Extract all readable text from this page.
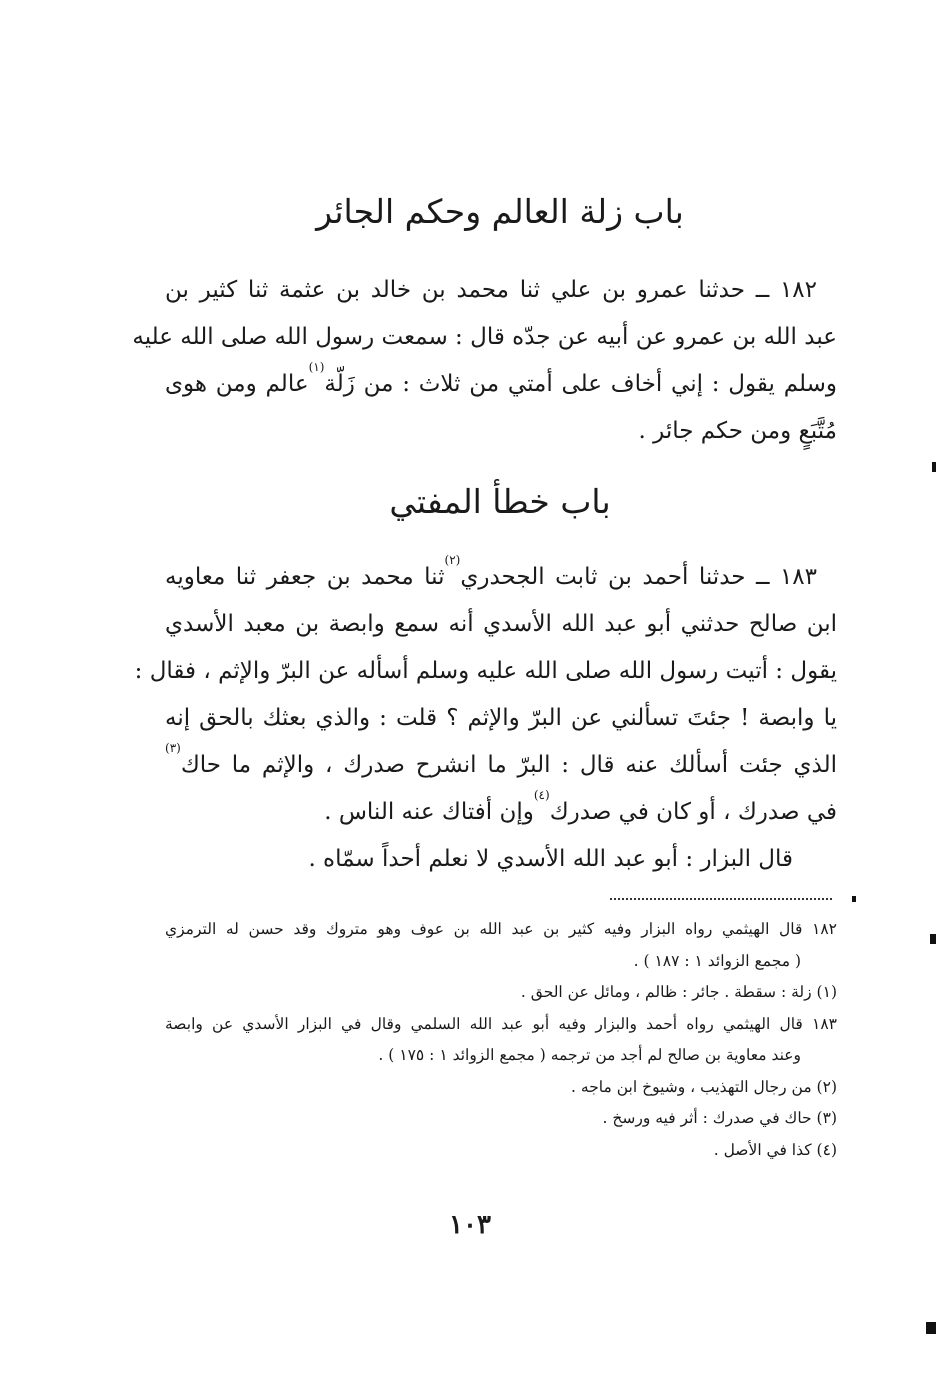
باب زلة العالم وحكم الجائر
١٨٢ ــ حدثنا عمرو بن علي ثنا محمد بن خالد بن عثمة ثنا كثير بن
عبد الله بن عمرو عن أبيه عن جدّه قال : سمعت رسول الله صلى الله عليه
وسلم يقول : إني أخاف على أمتي من ثلاث : من زَلّة$^{(١)}$عالم ومن هوى
مُتَّبَعٍ ومن حكم جائر .
باب خطأ المفتي
١٨٣ ــ حدثنا أحمد بن ثابت الجحدري$^{(٢)}$ثنا محمد بن جعفر ثنا معاويه
ابن صالح حدثني أبو عبد الله الأسدي أنه سمع وابصة بن معبد الأسدي
يقول : أتيت رسول الله صلى الله عليه وسلم أسأله عن البرّ والإثم ، فقال :
يا وابصة ! جئتَ تسألني عن البرّ والإثم ؟ قلت : والذي بعثك بالحق إنه
الذي جئت أسألك عنه قال : البرّ ما انشرح صدرك ، والإثم ما حاك$^{(٣)}$
في صدرك ، أو كان في صدرك$^{(٤)}$وإن أفتاك عنه الناس .
قال البزار : أبو عبد الله الأسدي لا نعلم أحداً سمّاه .
١٨٢ قال الهيثمي رواه البزار وفيه كثير بن عبد الله بن عوف وهو متروك وقد حسن له الترمزي
( مجمع الزوائد ١ : ١٨٧ ) .
(١) زلة : سقطة . جائر : ظالم ، ومائل عن الحق .
١٨٣ قال الهيثمي رواه أحمد والبزار وفيه أبو عبد الله السلمي وقال في البزار الأسدي عن وابصة
وعند معاوية بن صالح لم أجد من ترجمه ( مجمع الزوائد ١ : ١٧٥ ) .
(٢) من رجال التهذيب ، وشيوخ ابن ماجه .
(٣) حاك في صدرك : أثر فيه ورسخ .
(٤) كذا في الأصل .
١٠٣
